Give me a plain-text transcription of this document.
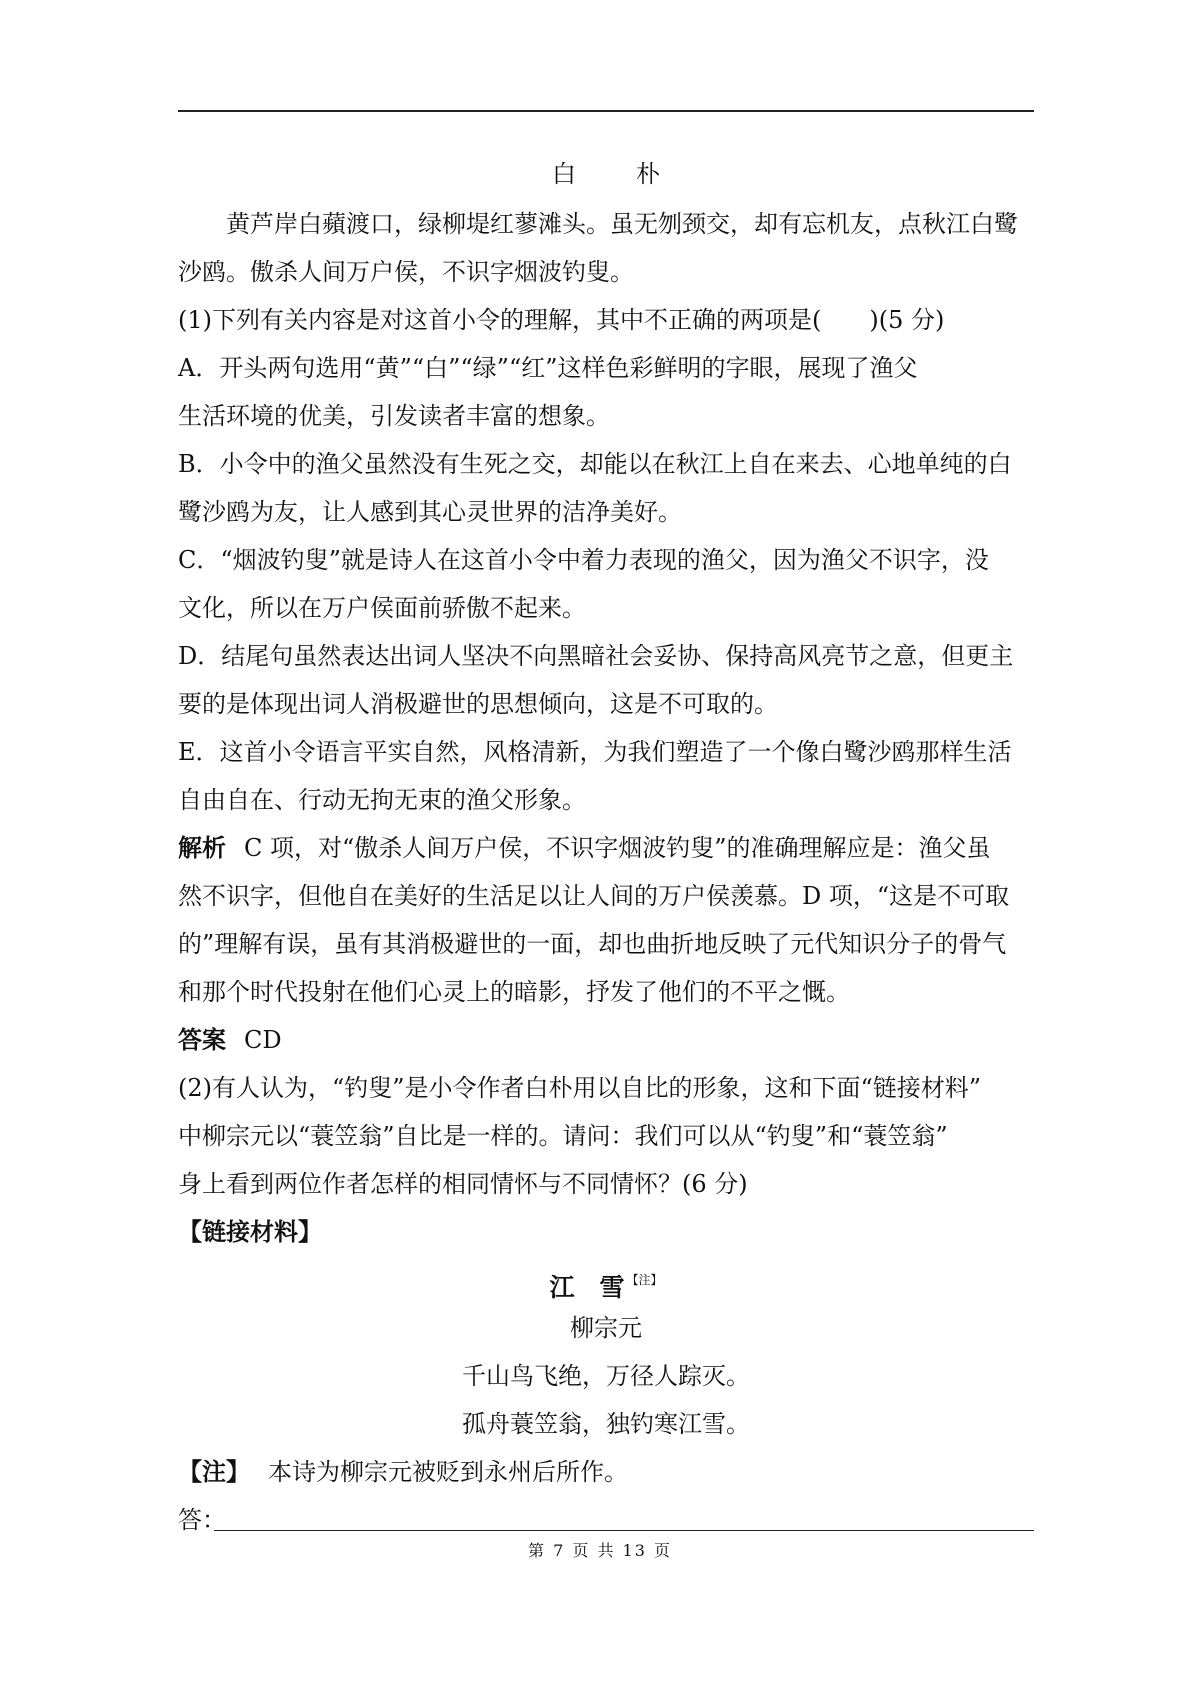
白　朴
黄芦岸白蘋渡口，绿柳堤红蓼滩头。虽无刎颈交，却有忘机友，点秋江白鹭
沙鸥。傲杀人间万户侯，不识字烟波钓叟。
(1)下列有关内容是对这首小令的理解，其中不正确的两项是(　　)(5 分)
A．开头两句选用“黄”“白”“绿”“红”这样色彩鲜明的字眼，展现了渔父
生活环境的优美，引发读者丰富的想象。
B．小令中的渔父虽然没有生死之交，却能以在秋江上自在来去、心地单纯的白
鹭沙鸥为友，让人感到其心灵世界的洁净美好。
C．“烟波钓叟”就是诗人在这首小令中着力表现的渔父，因为渔父不识字，没
文化，所以在万户侯面前骄傲不起来。
D．结尾句虽然表达出词人坚决不向黑暗社会妥协、保持高风亮节之意，但更主
要的是体现出词人消极避世的思想倾向，这是不可取的。
E．这首小令语言平实自然，风格清新，为我们塑造了一个像白鹭沙鸥那样生活
自由自在、行动无拘无束的渔父形象。
解析 C 项，对“傲杀人间万户侯，不识字烟波钓叟”的准确理解应是：渔父虽
然不识字，但他自在美好的生活足以让人间的万户侯羡慕。D 项，“这是不可取
的”理解有误，虽有其消极避世的一面，却也曲折地反映了元代知识分子的骨气
和那个时代投射在他们心灵上的暗影，抒发了他们的不平之慨。
答案 CD
(2)有人认为，“钓叟”是小令作者白朴用以自比的形象，这和下面“链接材料”
中柳宗元以“蓑笠翁”自比是一样的。请问：我们可以从“钓叟”和“蓑笠翁”
身上看到两位作者怎样的相同情怀与不同情怀？(6 分)
【链接材料】
江　雪 $^{【注】}$
柳宗元
千山鸟飞绝，万径人踪灭。
孤舟蓑笠翁，独钓寒江雪。
【注】 本诗为柳宗元被贬到永州后所作。
答：
第 7 页 共 13 页
